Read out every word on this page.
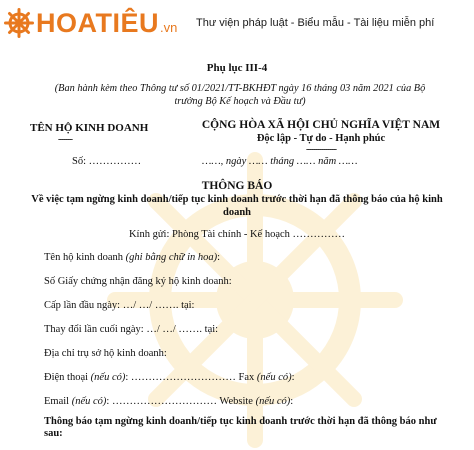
HOATIÊU .vn Thư viện pháp luật - Biểu mẫu - Tài liệu miễn phí
Phụ lục III-4
(Ban hành kèm theo Thông tư số 01/2021/TT-BKHĐT ngày 16 tháng 03 năm 2021 của Bộ trưởng Bộ Kế hoạch và Đầu tư)
TÊN HỘ KINH DOANH
-------
CỘNG HÒA XÃ HỘI CHỦ NGHĨA VIỆT NAM
Độc lập - Tự do - Hạnh phúc
---------------
Số: ……………	……, ngày …… tháng …… năm ……
THÔNG BÁO
Về việc tạm ngừng kinh doanh/tiếp tục kinh doanh trước thời hạn đã thông báo của hộ kinh doanh
Kính gửi: Phòng Tài chính - Kế hoạch ……………
Tên hộ kinh doanh (ghi bằng chữ in hoa):
Số Giấy chứng nhận đăng ký hộ kinh doanh:
Cấp lần đầu ngày: …/ …/ ……. tại:
Thay đổi lần cuối ngày: …/ …/ ……. tại:
Địa chỉ trụ sở hộ kinh doanh:
Điện thoại (nếu có): ………………………… Fax (nếu có):
Email (nếu có): ………………………… Website (nếu có):
Thông báo tạm ngừng kinh doanh/tiếp tục kinh doanh trước thời hạn đã thông báo như sau:
